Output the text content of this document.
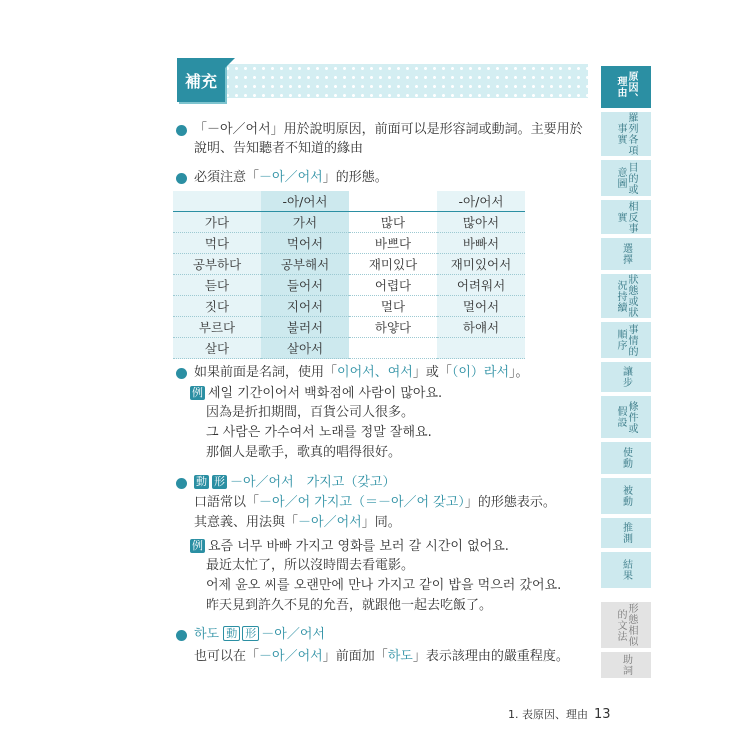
補充
「－아／어서」用於說明原因，前面可以是形容詞或動詞。主要用於
說明、告知聽者不知道的緣由
必須注意「－아／어서」的形態。
	-아/어서		-아/어서
가다	가서	많다	많아서
먹다	먹어서	바쁘다	바빠서
공부하다	공부해서	재미있다	재미있어서
듣다	들어서	어렵다	어려워서
짓다	지어서	멀다	멀어서
부르다	불러서	하얗다	하얘서
살다	살아서		
如果前面是名詞，使用「이어서、여서」或「（이）라서」。
例 세일 기간이어서 백화점에 사람이 많아요.
因為是折扣期間，百貨公司人很多。
그 사람은 가수여서 노래를 정말 잘해요.
那個人是歌手，歌真的唱得很好。
動 形 －아／어서　가지고（갖고）
口語常以「－아／어 가지고（＝－아／어 갖고）」的形態表示。
其意義、用法與「－아／어서」同。
例 요즘 너무 바빠 가지고 영화를 보러 갈 시간이 없어요.
最近太忙了，所以沒時間去看電影。
어제 윤오 씨를 오랜만에 만나 가지고 같이 밥을 먹으러 갔어요.
昨天見到許久不見的允吾，就跟他一起去吃飯了。
하도 動 形 －아／어서
也可以在「－아／어서」前面加「하도」表示該理由的嚴重程度。
原因、理由
羅列各項事實
目的或意圖
相反事實
選擇
狀態或狀況持續
事情的順序
讓步
條件或假設
使動
被動
推測
結果
形態相似的文法
助詞
1. 表原因、理由 13
